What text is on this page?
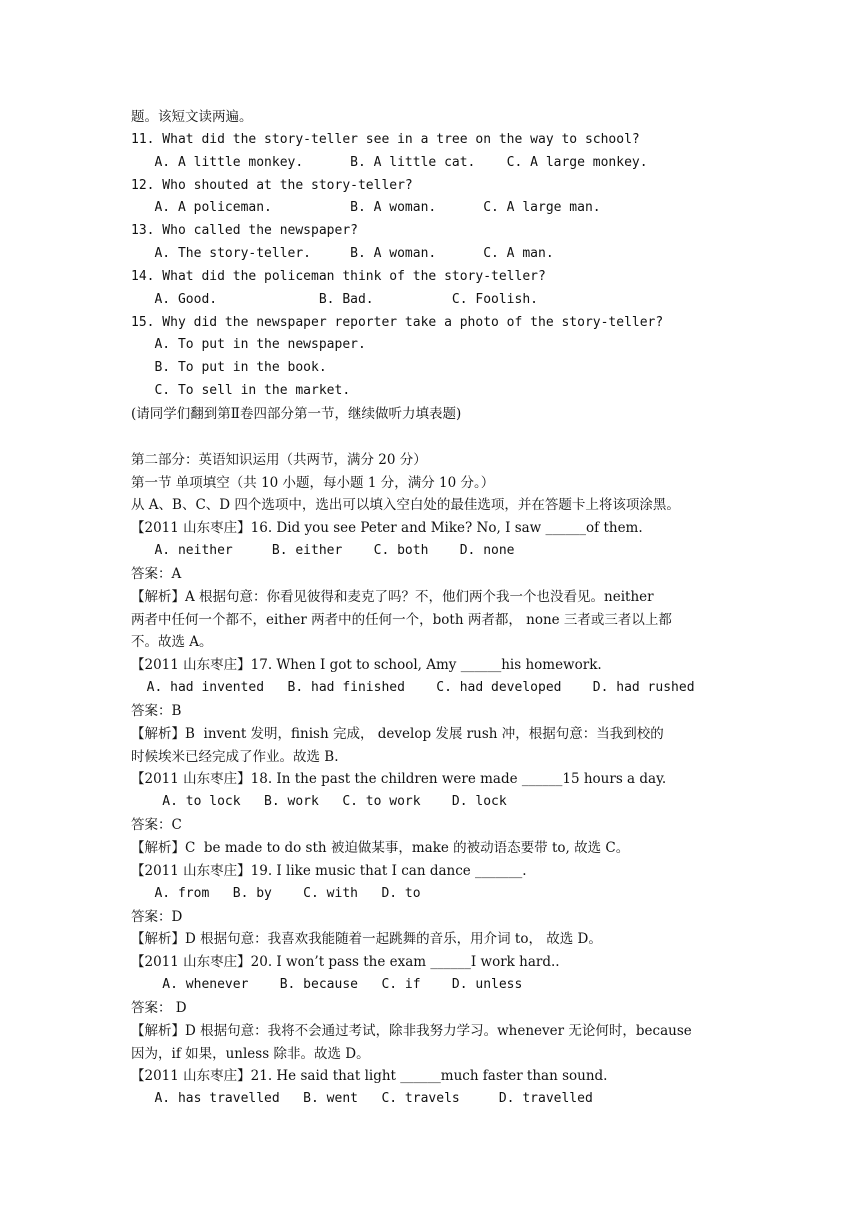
题。该短文读两遍。
11. What did the story-teller see in a tree on the way to school?
A. A little monkey.      B. A little cat.    C. A large monkey.
12. Who shouted at the story-teller?
A. A policeman.          B. A woman.      C. A large man.
13. Who called the newspaper?
A. The story-teller.     B. A woman.      C. A man.
14. What did the policeman think of the story-teller?
A. Good.             B. Bad.          C. Foolish.
15. Why did the newspaper reporter take a photo of the story-teller?
A. To put in the newspaper.
B. To put in the book.
C. To sell in the market.
(请同学们翻到第Ⅱ卷四部分第一节，继续做听力填表题)
第二部分：英语知识运用（共两节，满分 20 分）
第一节 单项填空（共 10 小题，每小题 1 分，满分 10 分。）
从 A、B、C、D 四个选项中，选出可以填入空白处的最佳选项，并在答题卡上将该项涂黑。
【2011 山东枣庄】16. Did you see Peter and Mike? No, I saw ______of them.
A. neither     B. either    C. both    D. none
答案：A
【解析】A 根据句意：你看见彼得和麦克了吗？不，他们两个我一个也没看见。neither
两者中任何一个都不，either 两者中的任何一个，both 两者都， none 三者或三者以上都
不。故选 A。
【2011 山东枣庄】17. When I got to school, Amy ______his homework.
A. had invented   B. had finished    C. had developed    D. had rushed
答案：B
【解析】B  invent 发明，finish 完成， develop 发展 rush 冲，根据句意：当我到校的
时候埃米已经完成了作业。故选 B.
【2011 山东枣庄】18. In the past the children were made ______15 hours a day.
A. to lock   B. work   C. to work    D. lock
答案：C
【解析】C  be made to do sth 被迫做某事，make 的被动语态要带 to, 故选 C。
【2011 山东枣庄】19. I like music that I can dance _______.
A. from   B. by    C. with   D. to
答案：D
【解析】D 根据句意：我喜欢我能随着一起跳舞的音乐，用介词 to， 故选 D。
【2011 山东枣庄】20. I won’t pass the exam ______I work hard..
A. whenever    B. because   C. if    D. unless
答案： D
【解析】D 根据句意：我将不会通过考试，除非我努力学习。whenever 无论何时，because
因为，if 如果，unless 除非。故选 D。
【2011 山东枣庄】21. He said that light ______much faster than sound.
A. has travelled   B. went   C. travels     D. travelled
